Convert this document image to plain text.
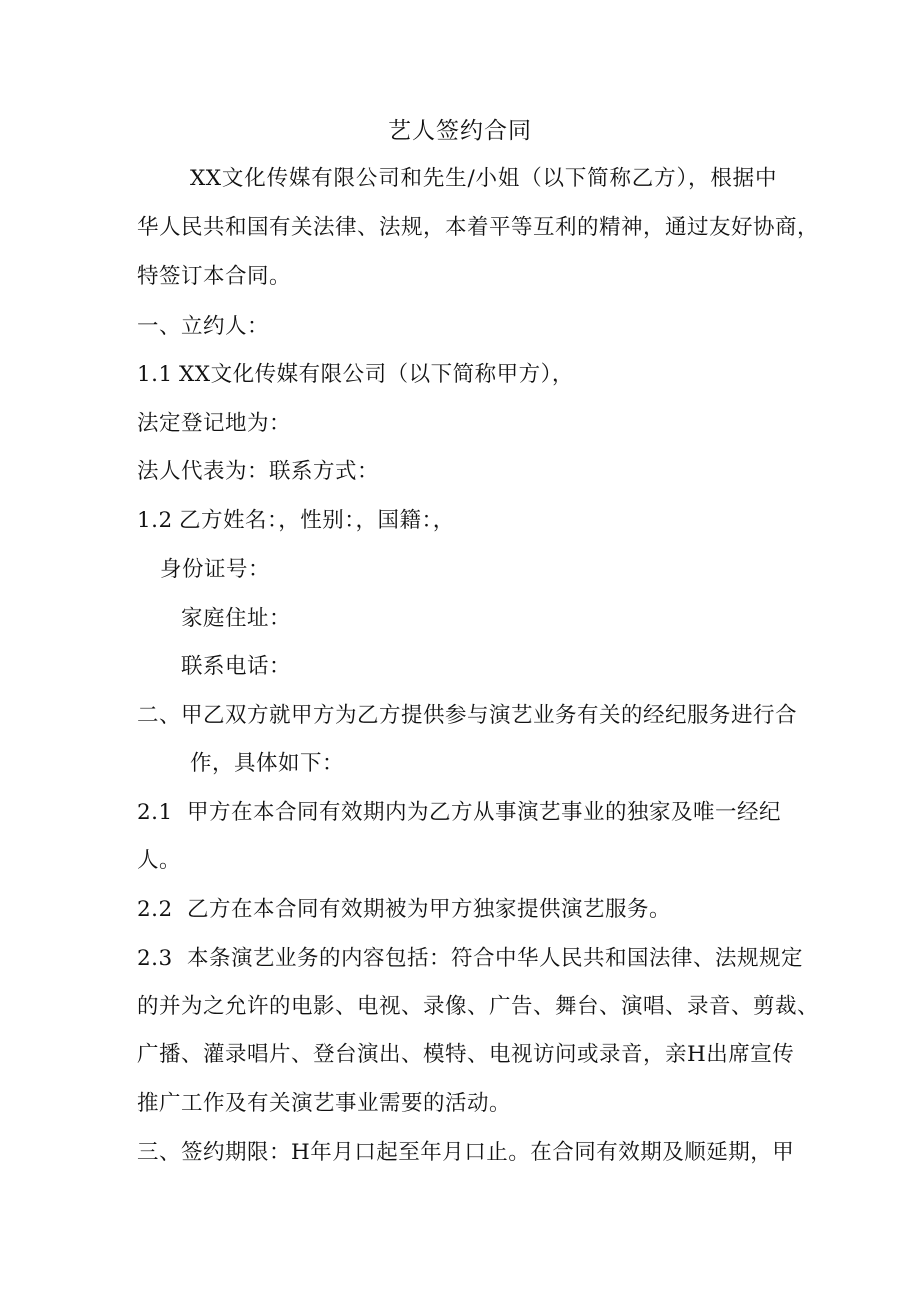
艺人签约合同
XX文化传媒有限公司和先生/小姐（以下简称乙方），根据中
华人民共和国有关法律、法规，本着平等互利的精神，通过友好协商，
特签订本合同。
一、立约人：
1.1 XX文化传媒有限公司（以下简称甲方），
法定登记地为：
法人代表为：联系方式：
1.2 乙方姓名：，性别：，国籍：，
身份证号：
家庭住址：
联系电话：
二、甲乙双方就甲方为乙方提供参与演艺业务有关的经纪服务进行合
作，具体如下：
2.1 甲方在本合同有效期内为乙方从事演艺事业的独家及唯一经纪
人。
2.2 乙方在本合同有效期被为甲方独家提供演艺服务。
2.3 本条演艺业务的内容包括：符合中华人民共和国法律、法规规定
的并为之允许的电影、电视、录像、广告、舞台、演唱、录音、剪裁、
广播、灌录唱片、登台演出、模特、电视访问或录音，亲H出席宣传
推广工作及有关演艺事业需要的活动。
三、签约期限：H年月口起至年月口止。在合同有效期及顺延期，甲
